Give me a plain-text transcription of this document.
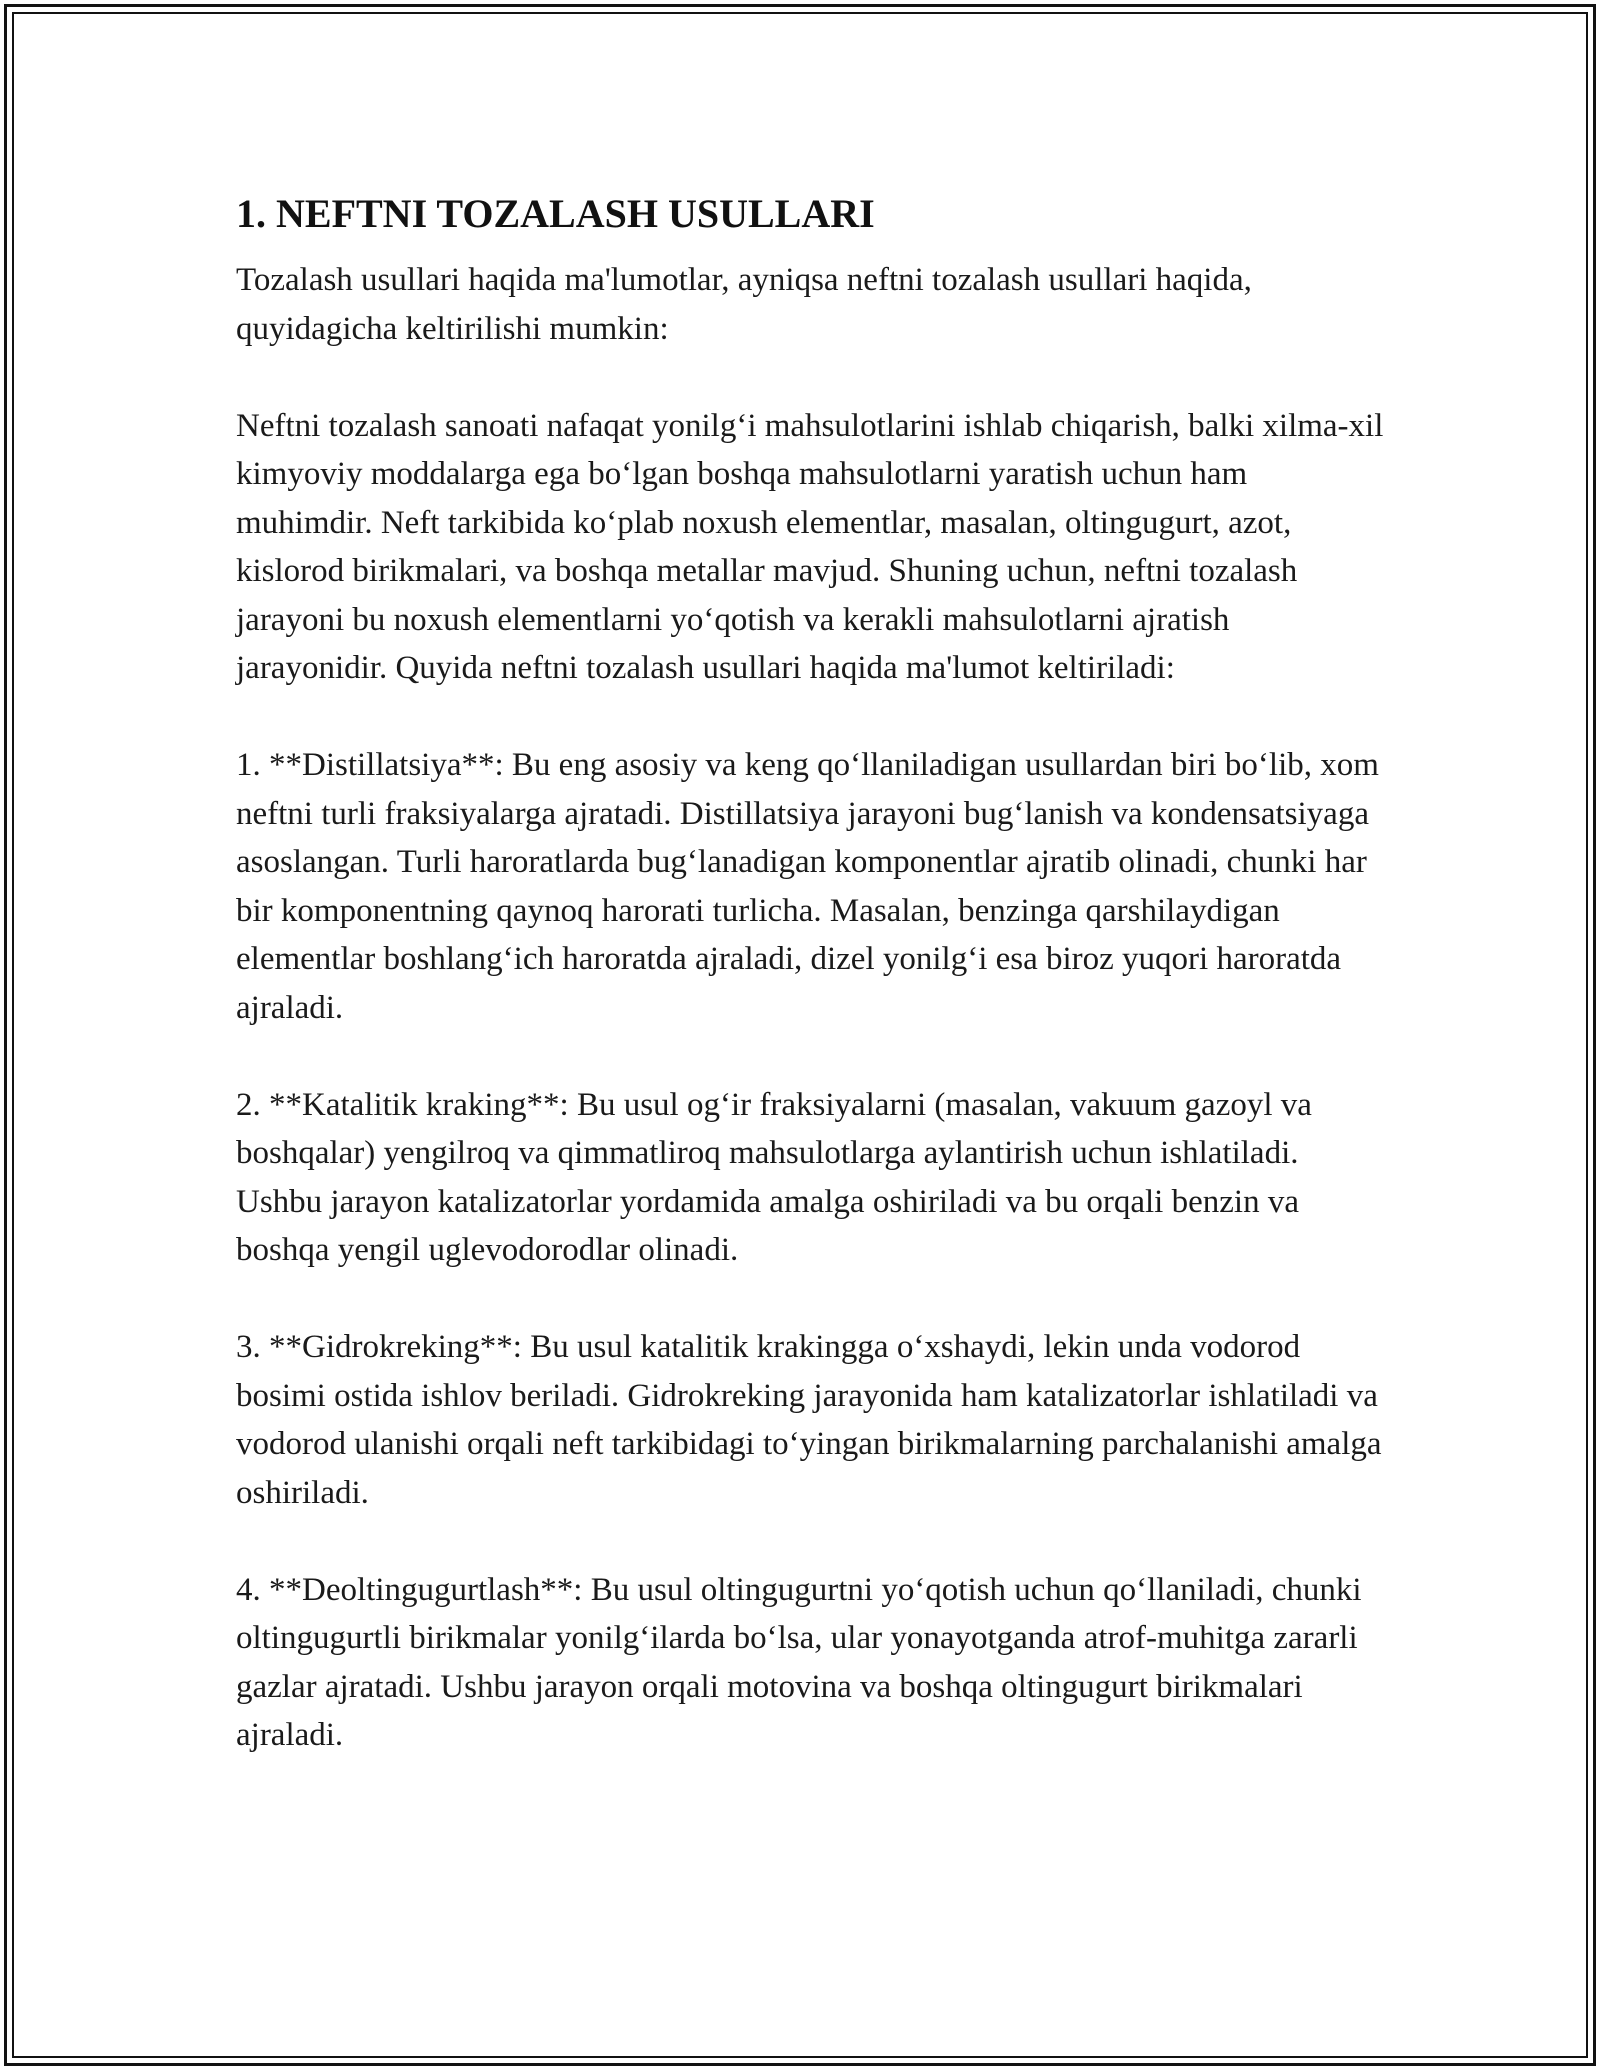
1. NEFTNI TOZALASH USULLARI

Tozalash usullari haqida ma'lumotlar, ayniqsa neftni tozalash usullari haqida, quyidagicha keltirilishi mumkin:

Neftni tozalash sanoati nafaqat yonilg‘i mahsulotlarini ishlab chiqarish, balki xilma-xil kimyoviy moddalarga ega bo‘lgan boshqa mahsulotlarni yaratish uchun ham muhimdir. Neft tarkibida ko‘plab noxush elementlar, masalan, oltingugurt, azot, kislorod birikmalari, va boshqa metallar mavjud. Shuning uchun, neftni tozalash jarayoni bu noxush elementlarni yo‘qotish va kerakli mahsulotlarni ajratish jarayonidir. Quyida neftni tozalash usullari haqida ma'lumot keltiriladi:

1. **Distillatsiya**: Bu eng asosiy va keng qo‘llaniladigan usullardan biri bo‘lib, xom neftni turli fraksiyalarga ajratadi. Distillatsiya jarayoni bug‘lanish va kondensatsiyaga asoslangan. Turli haroratlarda bug‘lanadigan komponentlar ajratib olinadi, chunki har bir komponentning qaynoq harorati turlicha. Masalan, benzinga qarshilaydigan elementlar boshlang‘ich haroratda ajraladi, dizel yonilg‘i esa biroz yuqori haroratda ajraladi.

2. **Katalitik kraking**: Bu usul og‘ir fraksiyalarni (masalan, vakuum gazoyl va boshqalar) yengilroq va qimmatliroq mahsulotlarga aylantirish uchun ishlatiladi. Ushbu jarayon katalizatorlar yordamida amalga oshiriladi va bu orqali benzin va boshqa yengil uglevodorodlar olinadi.

3. **Gidrokreking**: Bu usul katalitik krakingga o‘xshaydi, lekin unda vodorod bosimi ostida ishlov beriladi. Gidrokreking jarayonida ham katalizatorlar ishlatiladi va vodorod ulanishi orqali neft tarkibidagi to‘yingan birikmalarning parchalanishi amalga oshiriladi.

4. **Deoltingugurtlash**: Bu usul oltingugurtni yo‘qotish uchun qo‘llaniladi, chunki oltingugurtli birikmalar yonilg‘ilarda bo‘lsa, ular yonayotganda atrof-muhitga zararli gazlar ajratadi. Ushbu jarayon orqali motovina va boshqa oltingugurt birikmalari ajraladi.
